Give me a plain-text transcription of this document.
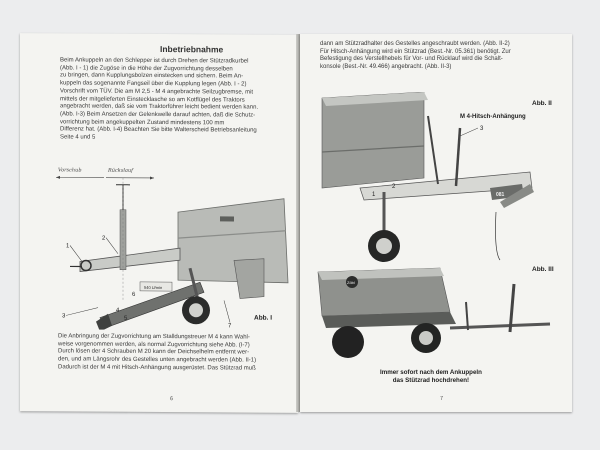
Inbetriebnahme
Beim Ankuppeln an den Schlepper ist durch Drehen der Stützradkurbel
(Abb. I - 1) die Zugöse in die Höhe der Zugvorrichtung desselben
zu bringen, dann Kupplungsbolzen einstecken und sichern. Beim An-
kuppeln das sogenannte Fangseil über die Kupplung legen (Abb. I - 2)
Vorschrift vom TÜV. Die am M 2,5 - M 4 angebrachte Seilzugbremse, mit
mittels der mitgelieferten Einstecklasche so am Kotflügel des Traktors
angebracht werden, daß sie vom Traktorführer leicht bedient werden kann.
(Abb. I-3) Beim Ansetzen der Gelenkwelle darauf achten, daß die Schutz-
vorrichtung beim angekuppelten Zustand mindestens 100 mm
Differenz hat. (Abb. I-4) Beachten Sie bitte Walterscheid Betriebsanleitung
Seite 4 und 5
Vorschub	Rückslauf
540 U/min
1
2
3
4
5
6
7
Abb. I
Die Anbringung der Zugvorrichtung am Stalldungstreuer M 4 kann Wahl-
weise vorgenommen werden, als normal Zugvorrichtung siehe Abb. (I-7)
Durch lösen der 4 Schrauben M 20 kann der Deichselhelm entfernt wer-
den, und am Längsrohr des Gestelles unten angebracht werden (Abb. II-1)
Dadurch ist der M 4 mit Hitsch-Anhängung ausgerüstet. Das Stützrad muß
6
dann am Stützradhalter des Gestelles angeschraubt werden. (Abb. II-2)
Für Hitsch-Anhängung wird ein Stützrad (Best.-Nr. 05.361) benötigt. Zur
Befestigung des Verstellhebels für Vor- und Rücklauf wird die Schalt-
konsole (Best.-Nr. 49.466) angebracht. (Abb. II-3)
081
1
2
3
Abb. II
M 4-Hitsch-Anhängung
Zöbl
Abb. III
Immer sofort nach dem Ankuppeln
das Stützrad hochdrehen!
7
